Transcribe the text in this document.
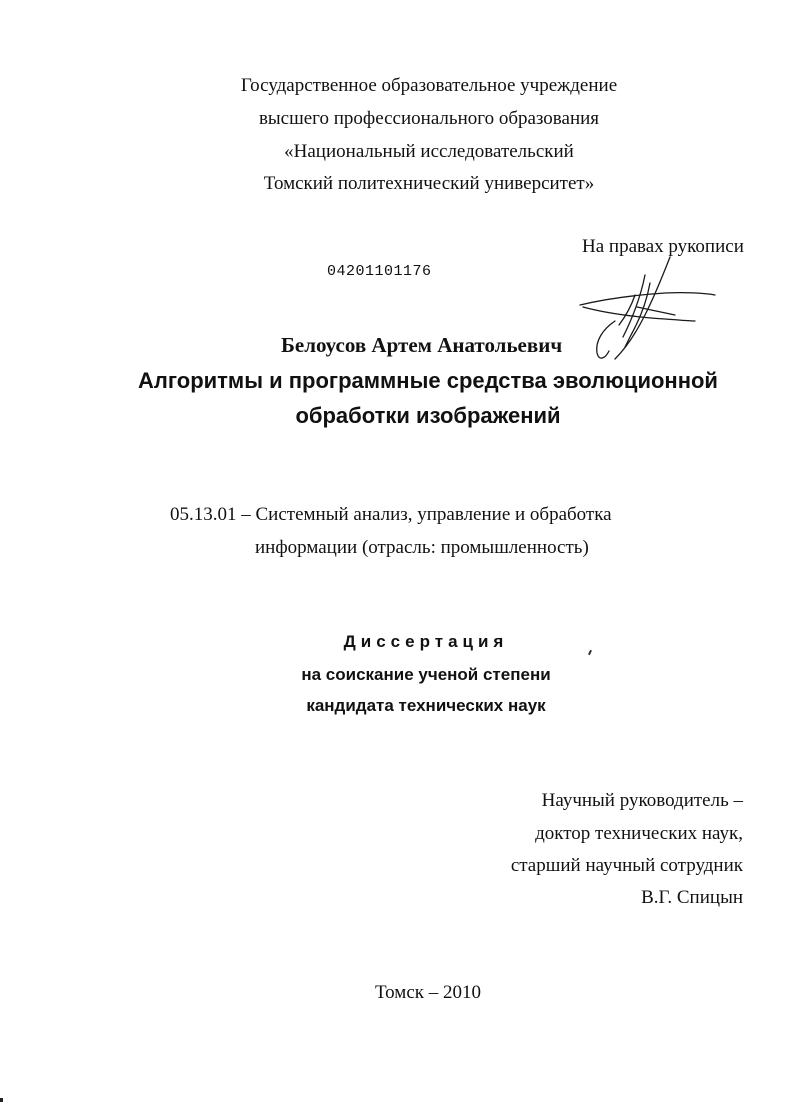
Государственное образовательное учреждение
высшего профессионального образования
«Национальный исследовательский
Томский политехнический университет»
На правах рукописи
04201101176
Белоусов Артем Анатольевич
Алгоритмы и программные средства эволюционной
обработки изображений
05.13.01 – Системный анализ, управление и обработка
информации (отрасль: промышленность)
Диссертация
на соискание ученой степени
кандидата технических наук
Научный руководитель –
доктор технических наук,
старший научный сотрудник
В.Г. Спицын
Томск – 2010
